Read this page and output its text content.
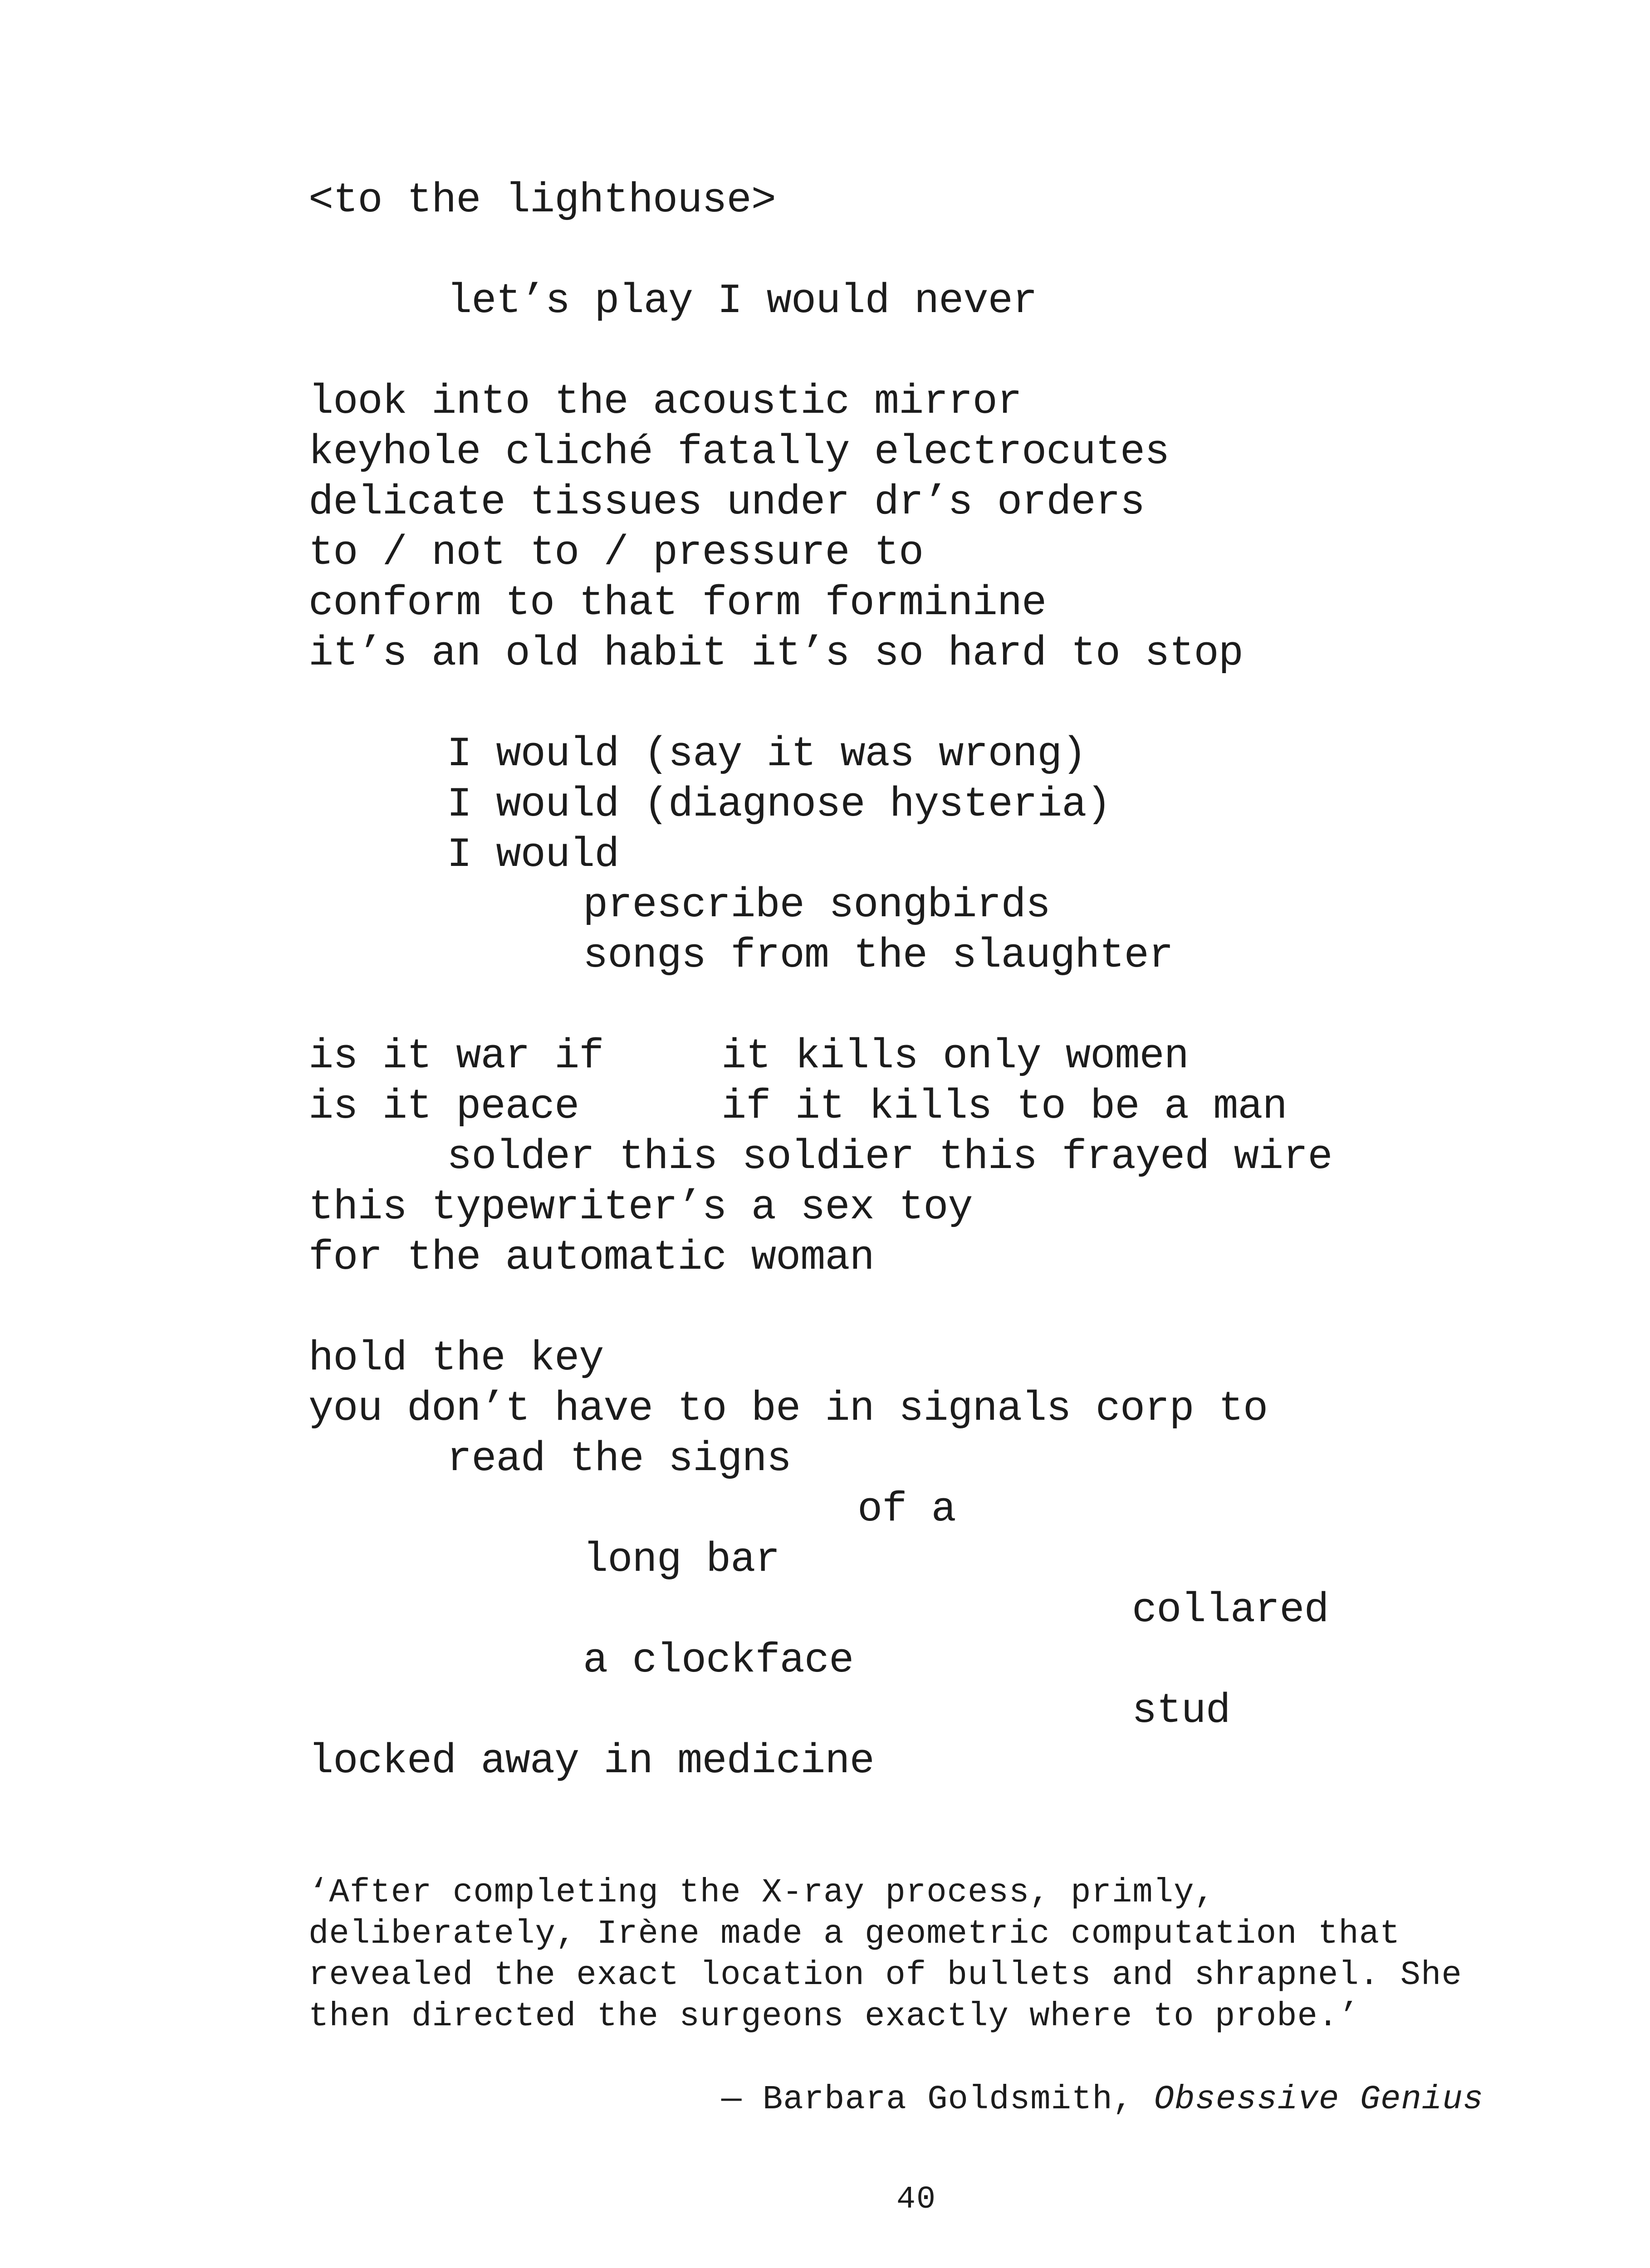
<to the lighthouse>
let’s play I would never
look into the acoustic mirror
keyhole cliché fatally electrocutes
delicate tissues under dr’s orders
to / not to / pressure to
conform to that form forminine
it’s an old habit it’s so hard to stop
I would (say it was wrong)
I would (diagnose hysteria)
I would
prescribe songbirds
songs from the slaughter
is it war if	it kills only women
is it peace	if it kills to be a man
solder this soldier this frayed wire
this typewriter’s a sex toy
for the automatic woman
hold the key
you don’t have to be in signals corp to
read the signs
of a
long bar
collared
a clockface
stud
locked away in medicine
‘After completing the X-ray process, primly,
deliberately, Irène made a geometric computation that
revealed the exact location of bullets and shrapnel. She
then directed the surgeons exactly where to probe.’
— Barbara Goldsmith, Obsessive Genius
40
